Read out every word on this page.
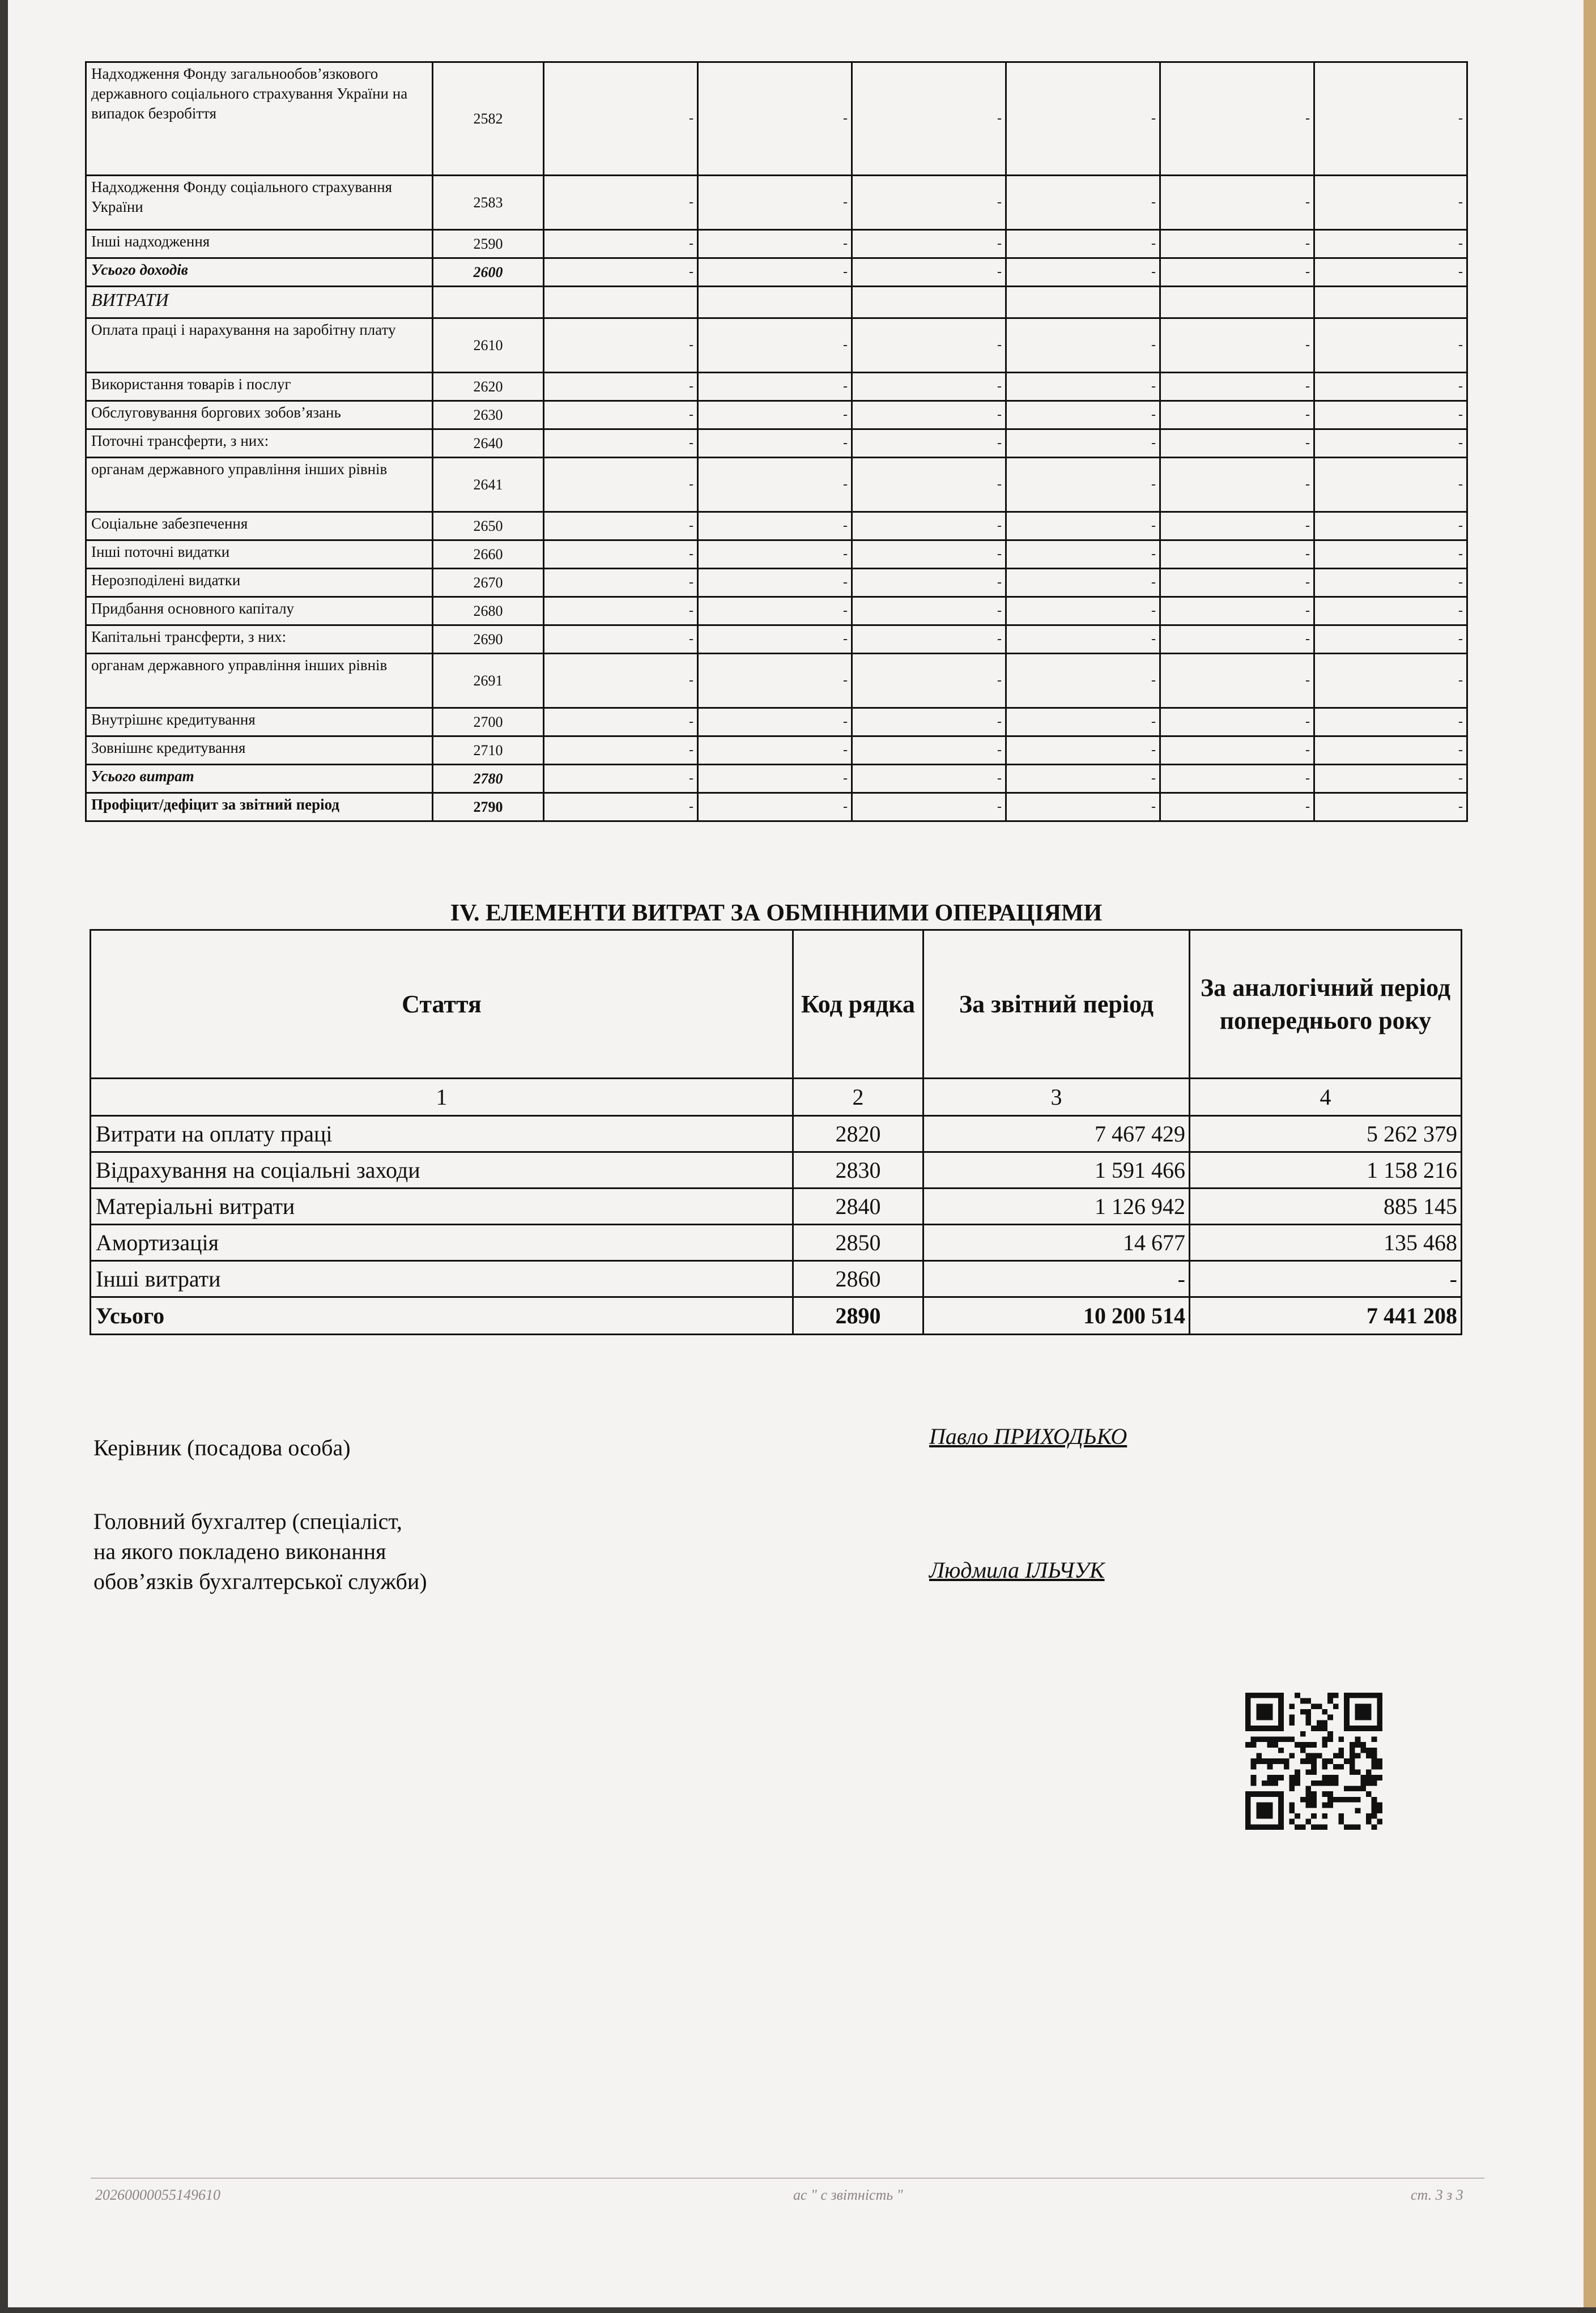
Надходження Фонду загальнообов’язкового державного соціального страхування України на випадок безробіття	2582	-	-	-	-	-	-
Надходження Фонду соціального страхування України	2583	-	-	-	-	-	-
Інші надходження	2590	-	-	-	-	-	-
Усього доходів	2600	-	-	-	-	-	-
ВИТРАТИ							
Оплата праці і нарахування на заробітну плату	2610	-	-	-	-	-	-
Використання товарів і послуг	2620	-	-	-	-	-	-
Обслуговування боргових зобов’язань	2630	-	-	-	-	-	-
Поточні трансферти, з них:	2640	-	-	-	-	-	-
органам державного управління інших рівнів	2641	-	-	-	-	-	-
Соціальне забезпечення	2650	-	-	-	-	-	-
Інші поточні видатки	2660	-	-	-	-	-	-
Нерозподілені видатки	2670	-	-	-	-	-	-
Придбання основного капіталу	2680	-	-	-	-	-	-
Капітальні трансферти, з них:	2690	-	-	-	-	-	-
органам державного управління інших рівнів	2691	-	-	-	-	-	-
Внутрішнє кредитування	2700	-	-	-	-	-	-
Зовнішнє кредитування	2710	-	-	-	-	-	-
Усього витрат	2780	-	-	-	-	-	-
Профіцит/дефіцит за звітний період	2790	-	-	-	-	-	-
IV. ЕЛЕМЕНТИ ВИТРАТ ЗА ОБМІННИМИ ОПЕРАЦІЯМИ
Стаття	Код рядка	За звітний період	За аналогічний період попереднього року
1	2	3	4
Витрати на оплату праці	2820	7 467 429	5 262 379
Відрахування на соціальні заходи	2830	1 591 466	1 158 216
Матеріальні витрати	2840	1 126 942	885 145
Амортизація	2850	14 677	135 468
Інші витрати	2860	-	-
Усього	2890	10 200 514	7 441 208
Керівник (посадова особа)	Павло ПРИХОДЬКО
Головний бухгалтер (спеціаліст,
на якого покладено виконання
обов’язків бухгалтерської служби)	Людмила ІЛЬЧУК
20260000055149610	ас " с звітність "	ст. 3 з 3
